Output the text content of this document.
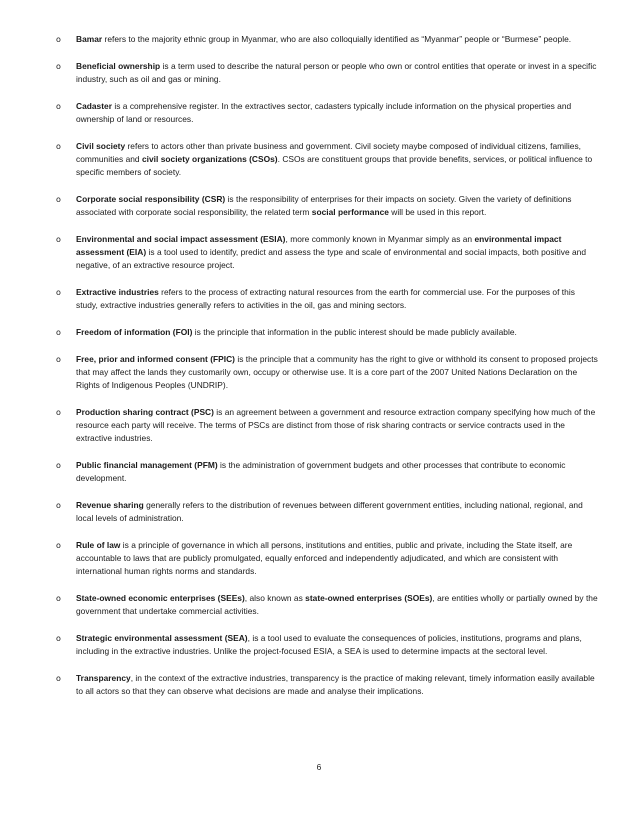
o	Bamar refers to the majority ethnic group in Myanmar, who are also colloquially identified as “Myanmar” people or “Burmese” people.
o	Beneficial ownership is a term used to describe the natural person or people who own or control entities that operate or invest in a specific industry, such as oil and gas or mining.
o	Cadaster is a comprehensive register. In the extractives sector, cadasters typically include information on the physical properties and ownership of land or resources.
o	Civil society refers to actors other than private business and government. Civil society maybe composed of individual citizens, families, communities and civil society organizations (CSOs). CSOs are constituent groups that provide benefits, services, or political influence to specific members of society.
o	Corporate social responsibility (CSR) is the responsibility of enterprises for their impacts on society. Given the variety of definitions associated with corporate social responsibility, the related term social performance will be used in this report.
o	Environmental and social impact assessment (ESIA), more commonly known in Myanmar simply as an environmental impact assessment (EIA) is a tool used to identify, predict and assess the type and scale of environmental and social impacts, both positive and negative, of an extractive resource project.
o	Extractive industries refers to the process of extracting natural resources from the earth for commercial use. For the purposes of this study, extractive industries generally refers to activities in the oil, gas and mining sectors.
o	Freedom of information (FOI) is the principle that information in the public interest should be made publicly available.
o	Free, prior and informed consent (FPIC) is the principle that a community has the right to give or withhold its consent to proposed projects that may affect the lands they customarily own, occupy or otherwise use. It is a core part of the 2007 United Nations Declaration on the Rights of Indigenous Peoples (UNDRIP).
o	Production sharing contract (PSC) is an agreement between a government and resource extraction company specifying how much of the resource each party will receive. The terms of PSCs are distinct from those of risk sharing contracts or service contracts used in the extractive industries.
o	Public financial management (PFM) is the administration of government budgets and other processes that contribute to economic development.
o	Revenue sharing generally refers to the distribution of revenues between different government entities, including national, regional, and local levels of administration.
o	Rule of law is a principle of governance in which all persons, institutions and entities, public and private, including the State itself, are accountable to laws that are publicly promulgated, equally enforced and independently adjudicated, and which are consistent with international human rights norms and standards.
o	State-owned economic enterprises (SEEs), also known as state-owned enterprises (SOEs), are entities wholly or partially owned by the government that undertake commercial activities.
o	Strategic environmental assessment (SEA), is a tool used to evaluate the consequences of policies, institutions, programs and plans, including in the extractive industries. Unlike the project-focused ESIA, a SEA is used to determine impacts at the sectoral level.
o	Transparency, in the context of the extractive industries, transparency is the practice of making relevant, timely information easily available to all actors so that they can observe what decisions are made and analyse their implications.
6
